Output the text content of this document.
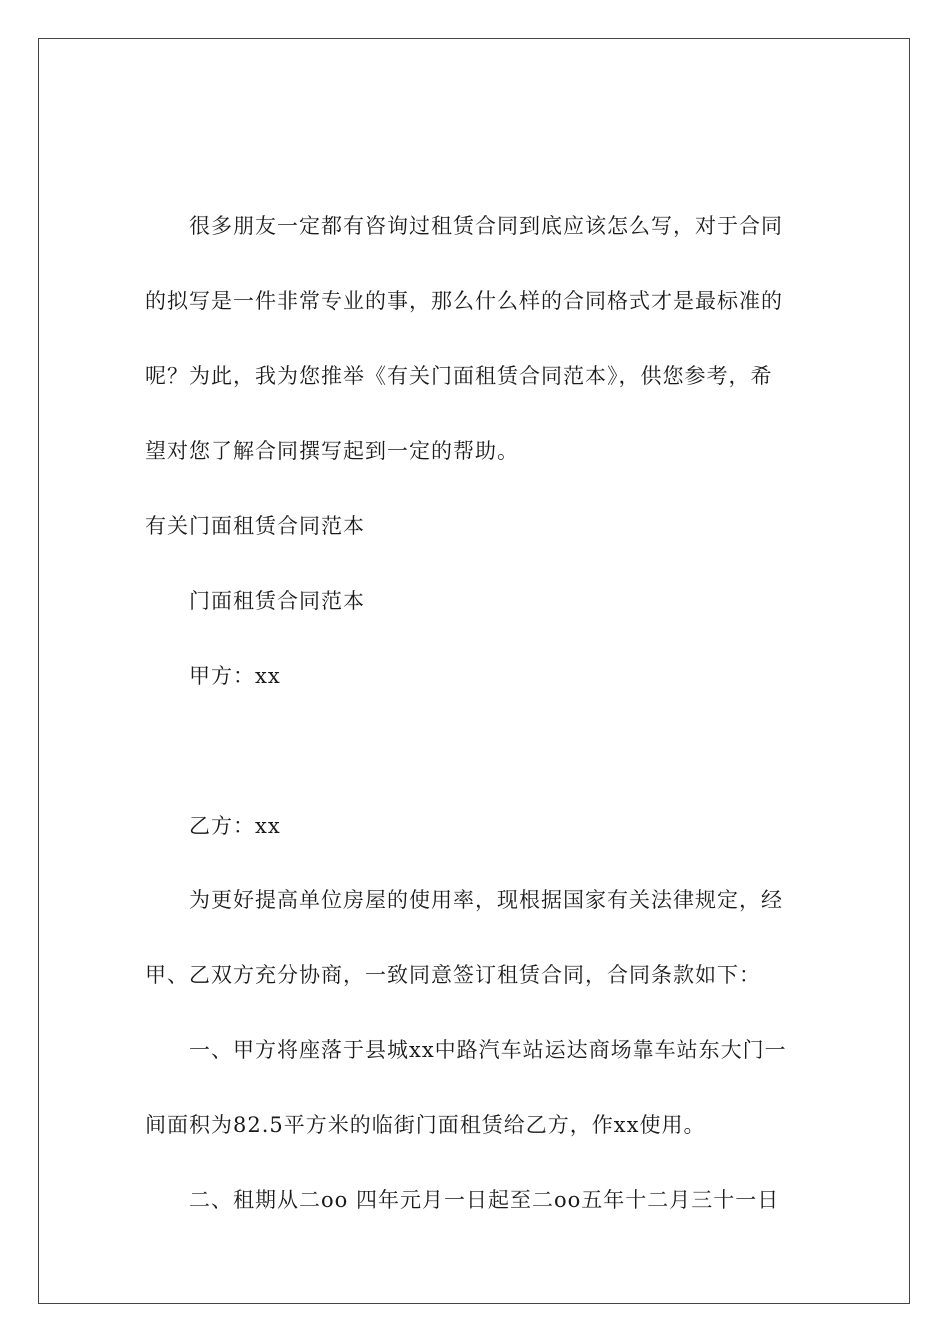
很多朋友一定都有咨询过租赁合同到底应该怎么写，对于合同
的拟写是一件非常专业的事，那么什么样的合同格式才是最标准的
呢？为此，我为您推举《有关门面租赁合同范本》，供您参考，希
望对您了解合同撰写起到一定的帮助。
有关门面租赁合同范本
门面租赁合同范本
甲方：xx
乙方：xx
为更好提高单位房屋的使用率，现根据国家有关法律规定，经
甲、乙双方充分协商，一致同意签订租赁合同，合同条款如下：
一、甲方将座落于县城xx中路汽车站运达商场靠车站东大门一
间面积为82.5平方米的临街门面租赁给乙方，作xx使用。
二、租期从二oo 四年元月一日起至二oo五年十二月三十一日
